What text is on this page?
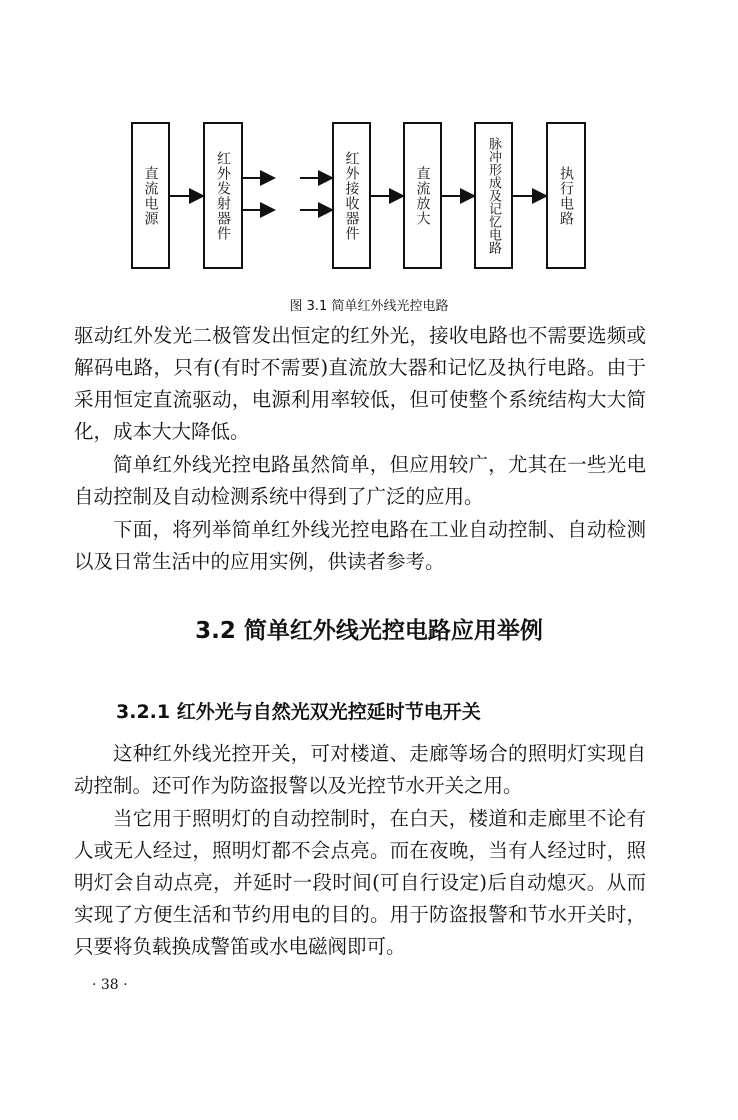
直流电源	红外发射器件	红外接收器件	直流放大	脉冲形成及记忆电路	执行电路
图 3.1 简单红外线光控电路

驱动红外发光二极管发出恒定的红外光，接收电路也不需要选频或解码电路，只有(有时不需要)直流放大器和记忆及执行电路。由于采用恒定直流驱动，电源利用率较低，但可使整个系统结构大大简化，成本大大降低。

简单红外线光控电路虽然简单，但应用较广，尤其在一些光电自动控制及自动检测系统中得到了广泛的应用。

下面，将列举简单红外线光控电路在工业自动控制、自动检测以及日常生活中的应用实例，供读者参考。

3.2 简单红外线光控电路应用举例
3.2.1 红外光与自然光双光控延时节电开关

这种红外线光控开关，可对楼道、走廊等场合的照明灯实现自动控制。还可作为防盗报警以及光控节水开关之用。

当它用于照明灯的自动控制时，在白天，楼道和走廊里不论有人或无人经过，照明灯都不会点亮。而在夜晚，当有人经过时，照明灯会自动点亮，并延时一段时间(可自行设定)后自动熄灭。从而实现了方便生活和节约用电的目的。用于防盗报警和节水开关时，只要将负载换成警笛或水电磁阀即可。

· 38 ·
